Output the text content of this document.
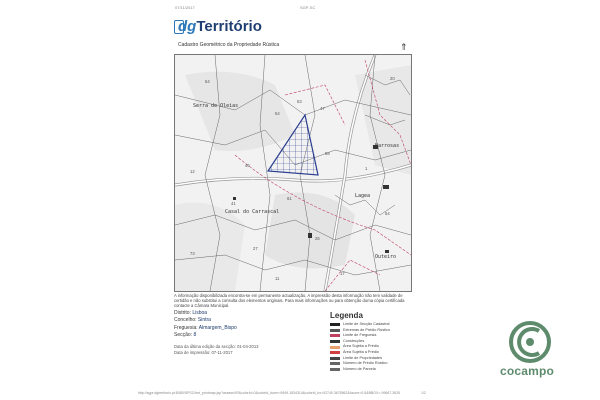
07/11/2017	SGP-SC
dgTerritório
Cadastro Geométrico da Propriedade Rústica	⇑
Serra de Oleias
Casal do Carrascal
Barrosas
Lagea
Outeiro
53
54
47
58
46
12
61
73
1
20
26
17
27
54
41
54
11
A informação disponibilizada encontra-se em permanente actualização. A impressão desta informação não tem validade de certidão e não substitui a consulta dos elementos originais. Para mais informações ou para obtenção duma cópia certificada contacte a Câmara Municipal.
Distrito: Lisboa
Concelho: Sintra
Freguesia: Almargem_Bispo
Secção: 8
Data da última edição da secção: 01-04-2013
Data de impressão: 07-11-2017
Legenda
Limite de Secção Cadastral
Extremas de Prédio Rústico
Limite de Freguesia
Construções
Área Sujeita a Prédio
Área Sujeita a Prédio
Limite de Propriedades
Número de Prédio Rústico
Número de Parcela
http://sgpr.dgterritorio.pt:8080/SPSC/fmt_printmap.jsp?assessVR&colorId=0&colorld_buerr=9949.1834314&colorld_bx=92740.3678562&locore=0.5&BBOX=-99667.3625	1/2
cocampo
